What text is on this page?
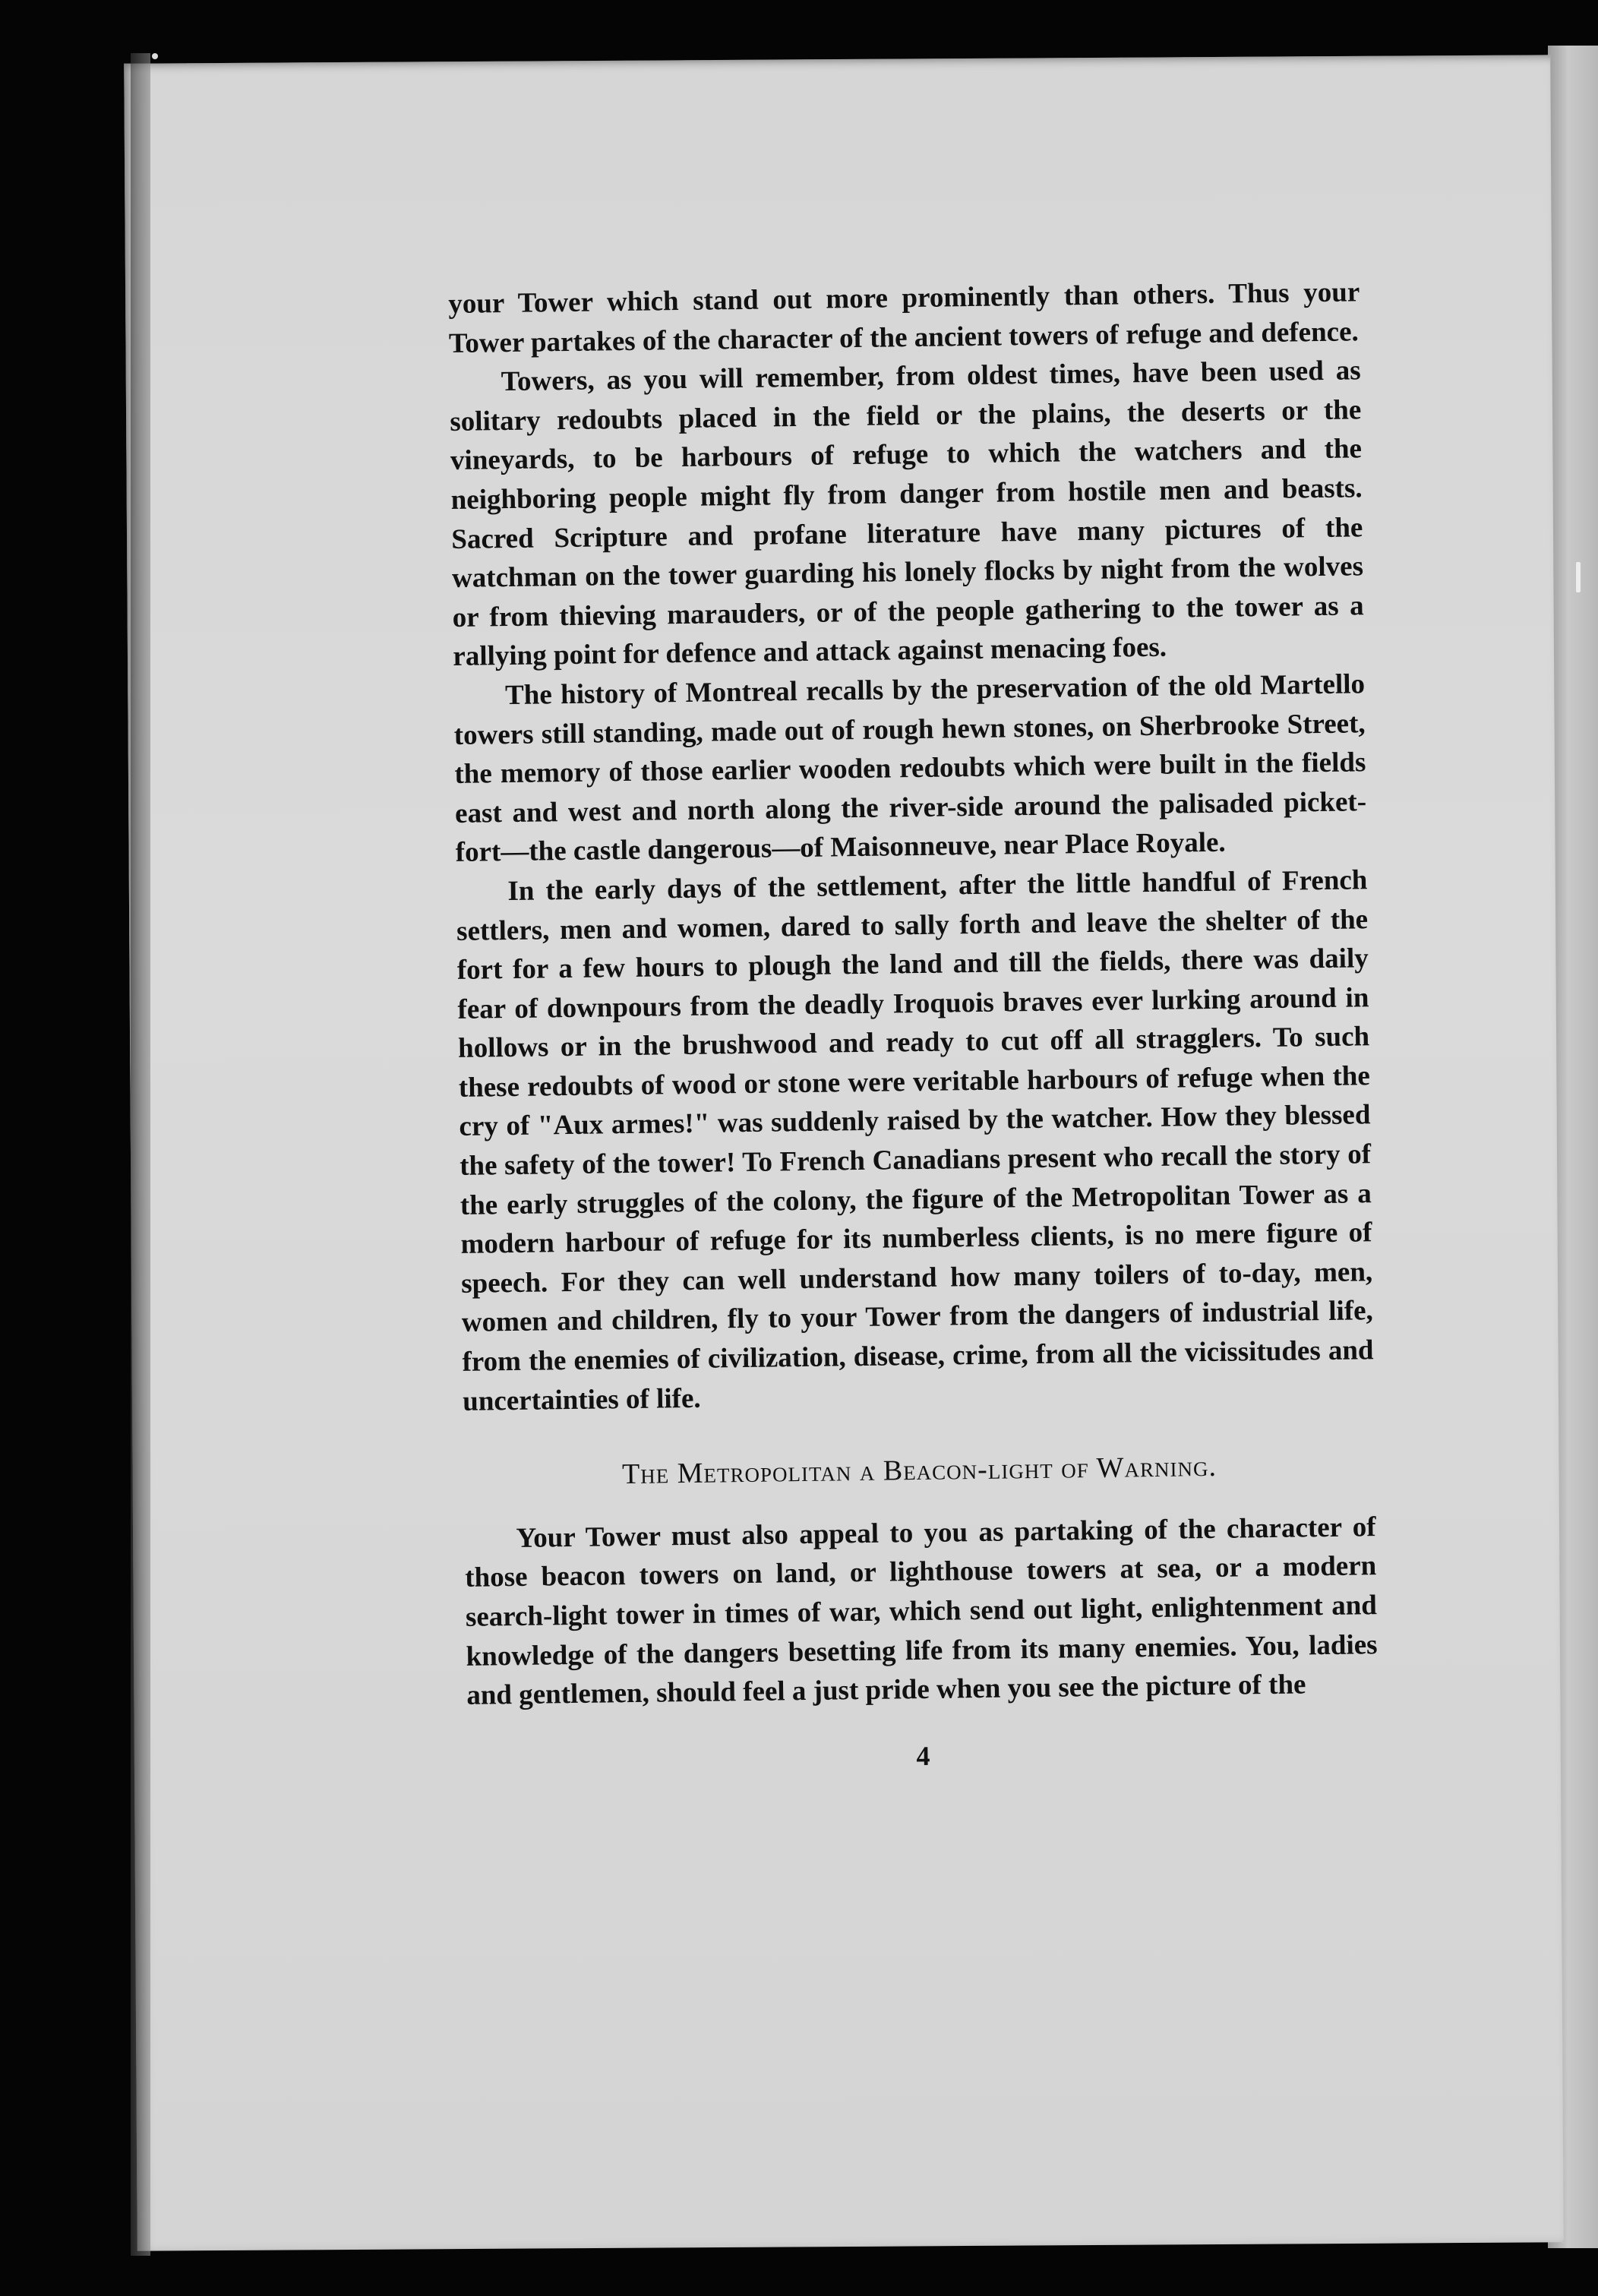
your Tower which stand out more prominently than others. Thus your Tower partakes of the character of the ancient towers of refuge and defence.

Towers, as you will remember, from oldest times, have been used as solitary redoubts placed in the field or the plains, the deserts or the vineyards, to be harbours of refuge to which the watchers and the neighboring people might fly from danger from hostile men and beasts. Sacred Scripture and profane literature have many pictures of the watchman on the tower guarding his lonely flocks by night from the wolves or from thieving marauders, or of the people gathering to the tower as a rallying point for defence and attack against menacing foes.

The history of Montreal recalls by the preservation of the old Martello towers still standing, made out of rough hewn stones, on Sherbrooke Street, the memory of those earlier wooden redoubts which were built in the fields east and west and north along the river-side around the palisaded picket-fort—the castle dangerous—of Maisonneuve, near Place Royale.

In the early days of the settlement, after the little handful of French settlers, men and women, dared to sally forth and leave the shelter of the fort for a few hours to plough the land and till the fields, there was daily fear of downpours from the deadly Iroquois braves ever lurking around in hollows or in the brushwood and ready to cut off all stragglers. To such these redoubts of wood or stone were veritable harbours of refuge when the cry of "Aux armes!" was suddenly raised by the watcher. How they blessed the safety of the tower! To French Canadians present who recall the story of the early struggles of the colony, the figure of the Metropolitan Tower as a modern harbour of refuge for its numberless clients, is no mere figure of speech. For they can well understand how many toilers of to-day, men, women and children, fly to your Tower from the dangers of industrial life, from the enemies of civilization, disease, crime, from all the vicissitudes and uncertainties of life.

The Metropolitan a Beacon-light of Warning.

Your Tower must also appeal to you as partaking of the character of those beacon towers on land, or lighthouse towers at sea, or a modern search-light tower in times of war, which send out light, enlightenment and knowledge of the dangers besetting life from its many enemies. You, ladies and gentlemen, should feel a just pride when you see the picture of the

4
